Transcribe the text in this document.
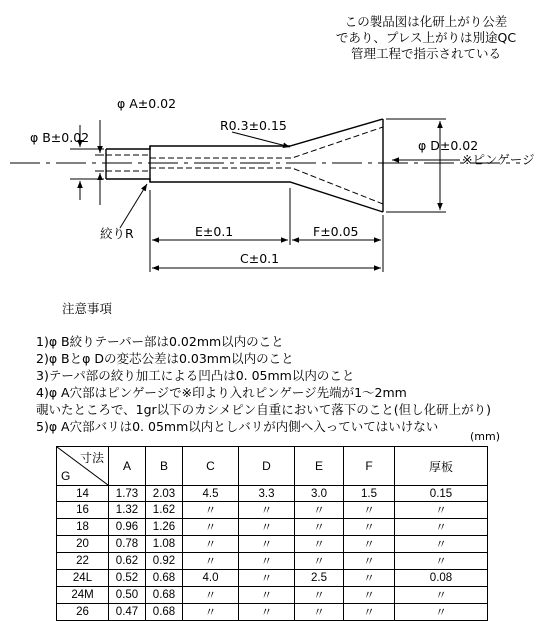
この製品図は化研上がり公差
であり、プレス上がりは別途QC
管理工程で指示されている
φ A±0.02
φ B±0.02
R0.3±0.15
φ D±0.02
※ピンゲージ
絞りR	E±0.1	F±0.05
C±0.1
注意事項
1)φ B絞りテーパー部は0.02mm以内のこと
2)φ Bとφ Dの変芯公差は0.03mm以内のこと
3)テーパ部の絞り加工による凹凸は0. 05mm以内のこと
4)φ A穴部はピンゲージで※印より入れピンゲージ先端が1～2mm
覗いたところで、1gr以下のカシメピン自重において落下のこと(但し化研上がり)
5)φ A穴部バリは0. 05mm以内としバリが内側へ入っていてはいけない
(mm)
寸法
G	A	B	C	D	E	F	厚板
14	1.73	2.03	4.5	3.3	3.0	1.5	0.15
16	1.32	1.62	〃	〃	〃	〃	〃
18	0.96	1.26	〃	〃	〃	〃	〃
20	0.78	1.08	〃	〃	〃	〃	〃
22	0.62	0.92	〃	〃	〃	〃	〃
24L	0.52	0.68	4.0	〃	2.5	〃	0.08
24M	0.50	0.68	〃	〃	〃	〃	〃
26	0.47	0.68	〃	〃	〃	〃	〃
